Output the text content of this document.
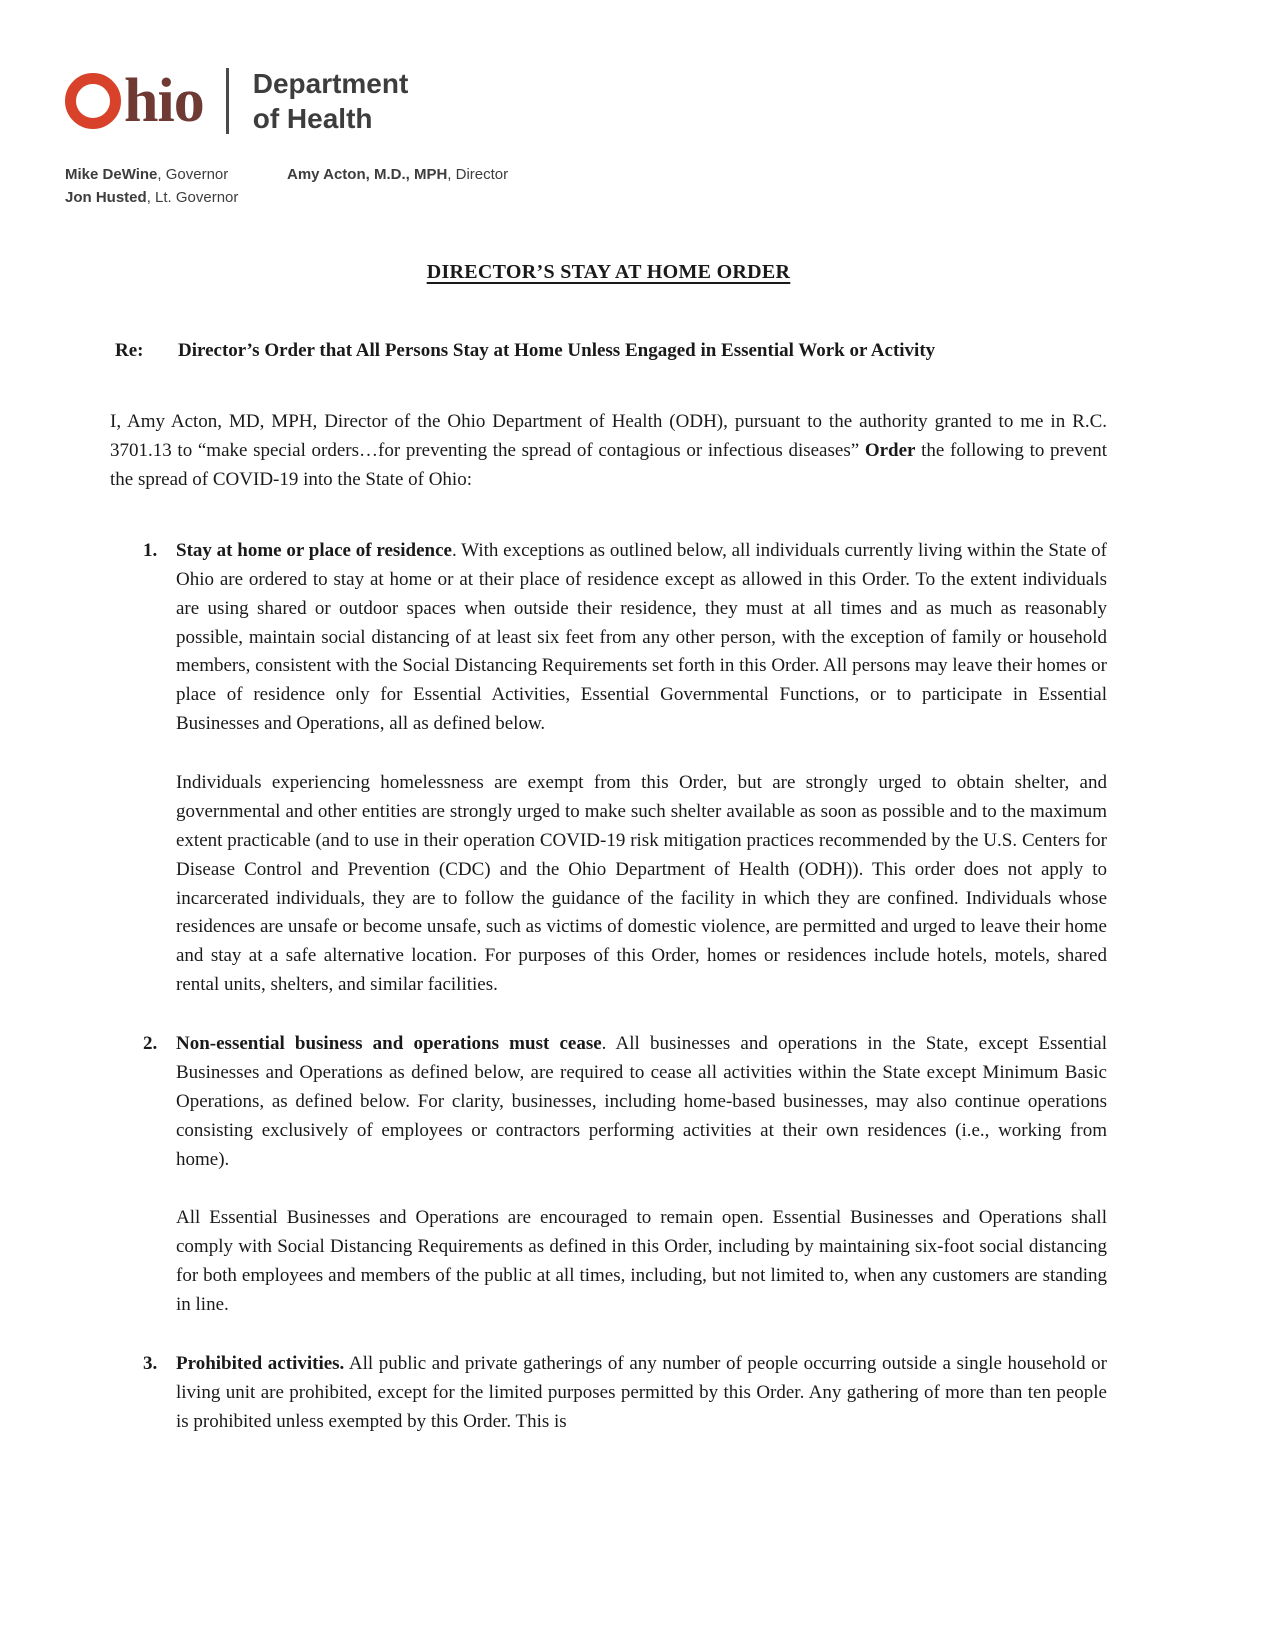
hio Department
of Health
Mike DeWine, Governor
Jon Husted, Lt. Governor
Amy Acton, M.D., MPH, Director
DIRECTOR’S STAY AT HOME ORDER
Re:	Director’s Order that All Persons Stay at Home Unless Engaged in Essential Work or Activity

I, Amy Acton, MD, MPH, Director of the Ohio Department of Health (ODH), pursuant to the authority granted to me in R.C. 3701.13 to “make special orders…for preventing the spread of contagious or infectious diseases” Order the following to prevent the spread of COVID-19 into the State of Ohio:

1. Stay at home or place of residence. With exceptions as outlined below, all individuals currently living within the State of Ohio are ordered to stay at home or at their place of residence except as allowed in this Order. To the extent individuals are using shared or outdoor spaces when outside their residence, they must at all times and as much as reasonably possible, maintain social distancing of at least six feet from any other person, with the exception of family or household members, consistent with the Social Distancing Requirements set forth in this Order. All persons may leave their homes or place of residence only for Essential Activities, Essential Governmental Functions, or to participate in Essential Businesses and Operations, all as defined below.
Individuals experiencing homelessness are exempt from this Order, but are strongly urged to obtain shelter, and governmental and other entities are strongly urged to make such shelter available as soon as possible and to the maximum extent practicable (and to use in their operation COVID-19 risk mitigation practices recommended by the U.S. Centers for Disease Control and Prevention (CDC) and the Ohio Department of Health (ODH)). This order does not apply to incarcerated individuals, they are to follow the guidance of the facility in which they are confined. Individuals whose residences are unsafe or become unsafe, such as victims of domestic violence, are permitted and urged to leave their home and stay at a safe alternative location. For purposes of this Order, homes or residences include hotels, motels, shared rental units, shelters, and similar facilities.
2. Non-essential business and operations must cease. All businesses and operations in the State, except Essential Businesses and Operations as defined below, are required to cease all activities within the State except Minimum Basic Operations, as defined below. For clarity, businesses, including home-based businesses, may also continue operations consisting exclusively of employees or contractors performing activities at their own residences (i.e., working from home).
All Essential Businesses and Operations are encouraged to remain open. Essential Businesses and Operations shall comply with Social Distancing Requirements as defined in this Order, including by maintaining six-foot social distancing for both employees and members of the public at all times, including, but not limited to, when any customers are standing in line.
3. Prohibited activities. All public and private gatherings of any number of people occurring outside a single household or living unit are prohibited, except for the limited purposes permitted by this Order. Any gathering of more than ten people is prohibited unless exempted by this Order. This is
